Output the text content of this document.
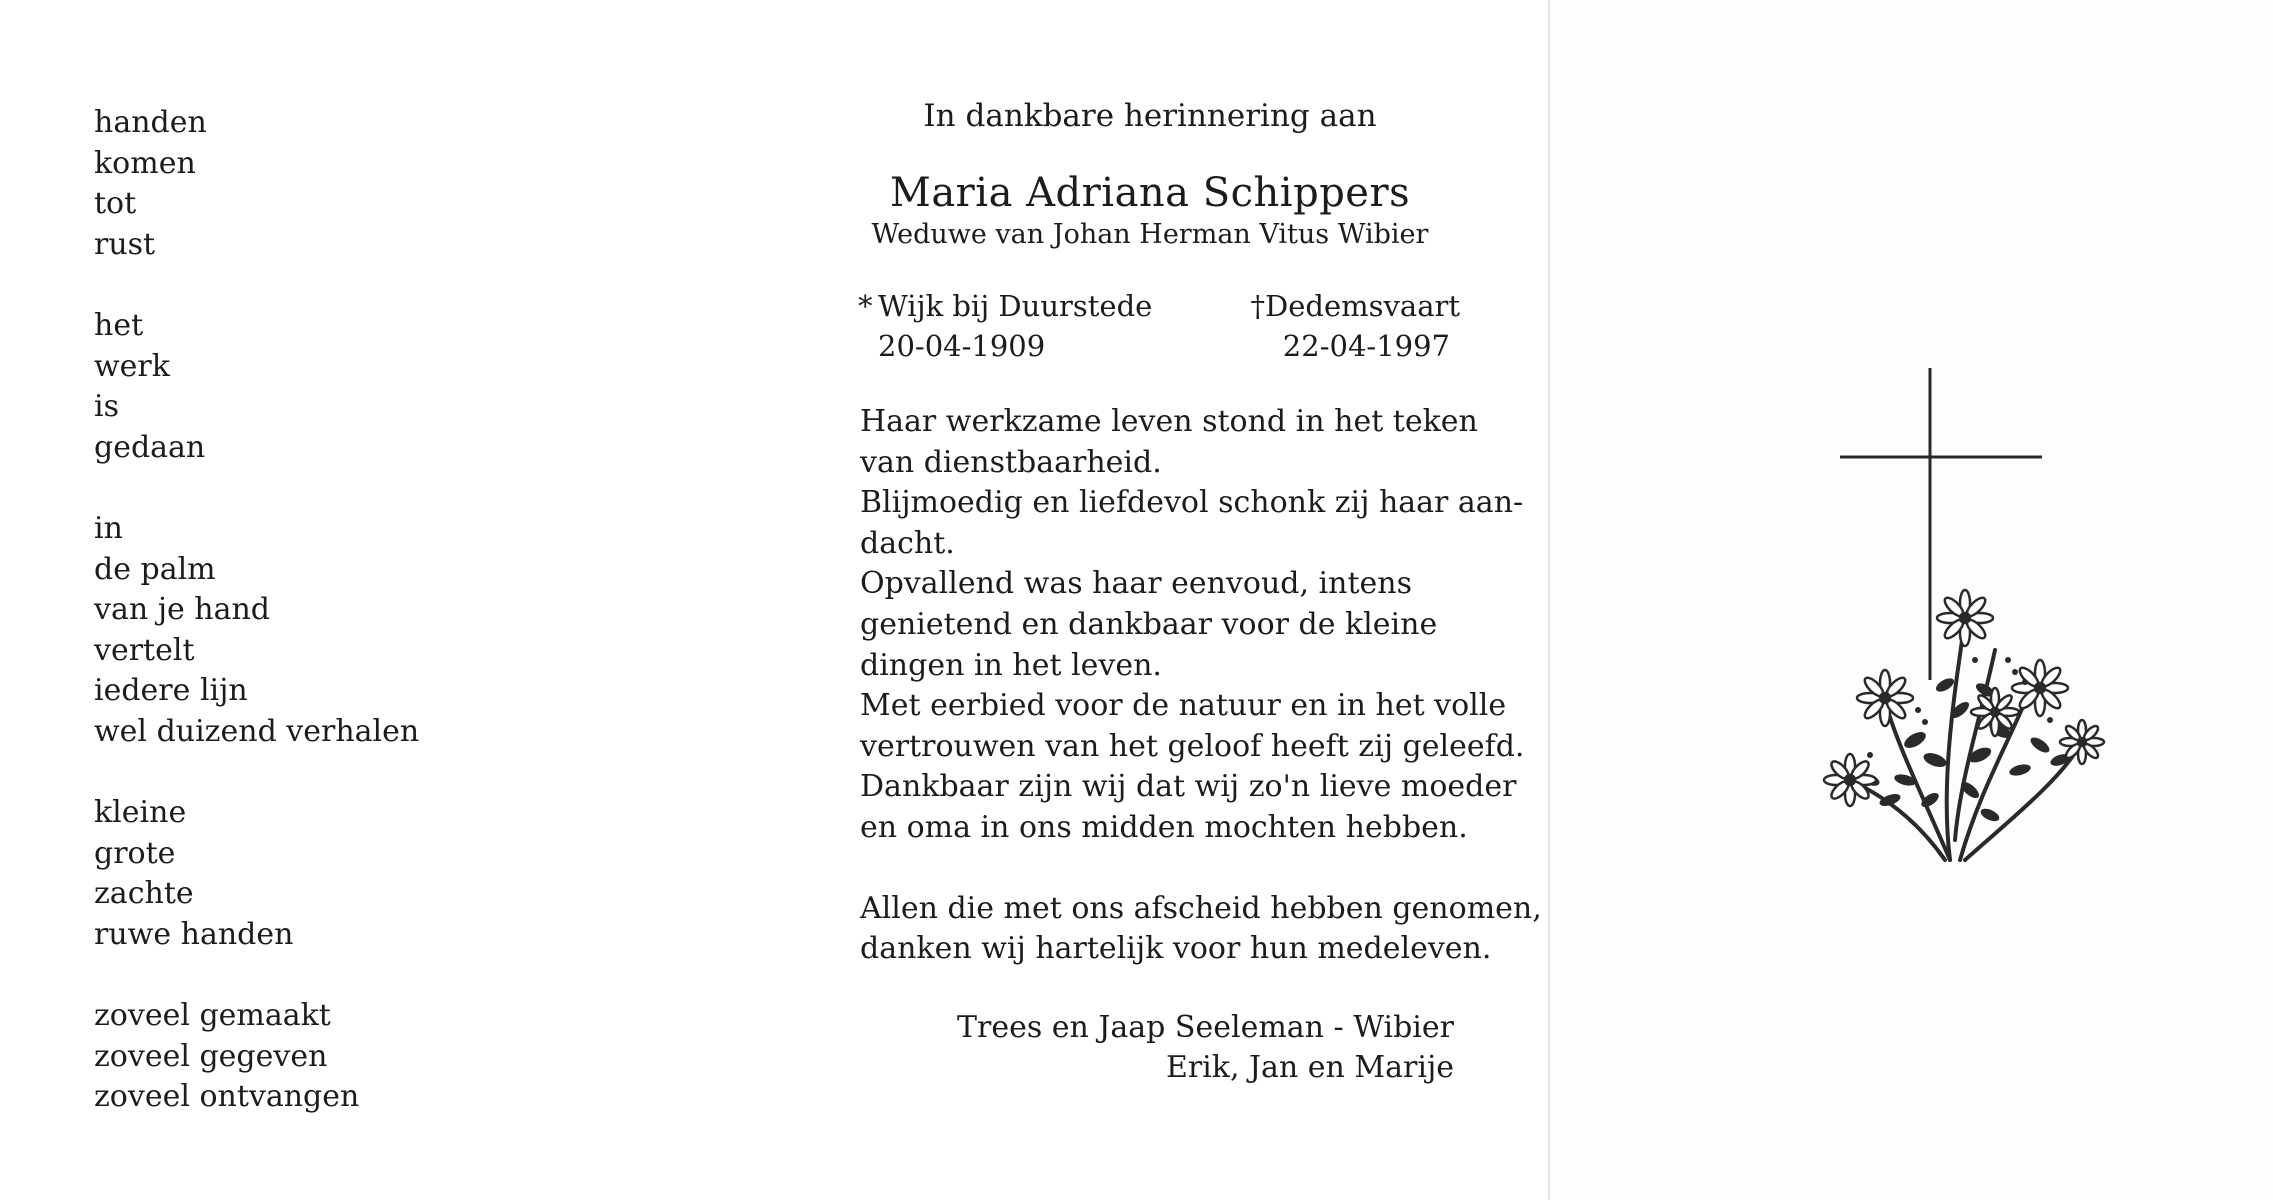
handen
komen
tot
rust
het
werk
is
gedaan
in
de palm
van je hand
vertelt
iedere lijn
wel duizend verhalen
kleine
grote
zachte
ruwe handen
zoveel gemaakt
zoveel gegeven
zoveel ontvangen
In dankbare herinnering aan
Maria Adriana Schippers
Weduwe van Johan Herman Vitus Wibier
* Wijk bij Duurstede
20-04-1909
†Dedemsvaart
22-04-1997

Haar werkzame leven stond in het teken
van dienstbaarheid.
Blijmoedig en liefdevol schonk zij haar aan-
dacht.
Opvallend was haar eenvoud, intens
genietend en dankbaar voor de kleine
dingen in het leven.
Met eerbied voor de natuur en in het volle
vertrouwen van het geloof heeft zij geleefd.
Dankbaar zijn wij dat wij zo'n lieve moeder
en oma in ons midden mochten hebben.

Allen die met ons afscheid hebben genomen,
danken wij hartelijk voor hun medeleven.

Trees en Jaap Seeleman - Wibier
Erik, Jan en Marije
